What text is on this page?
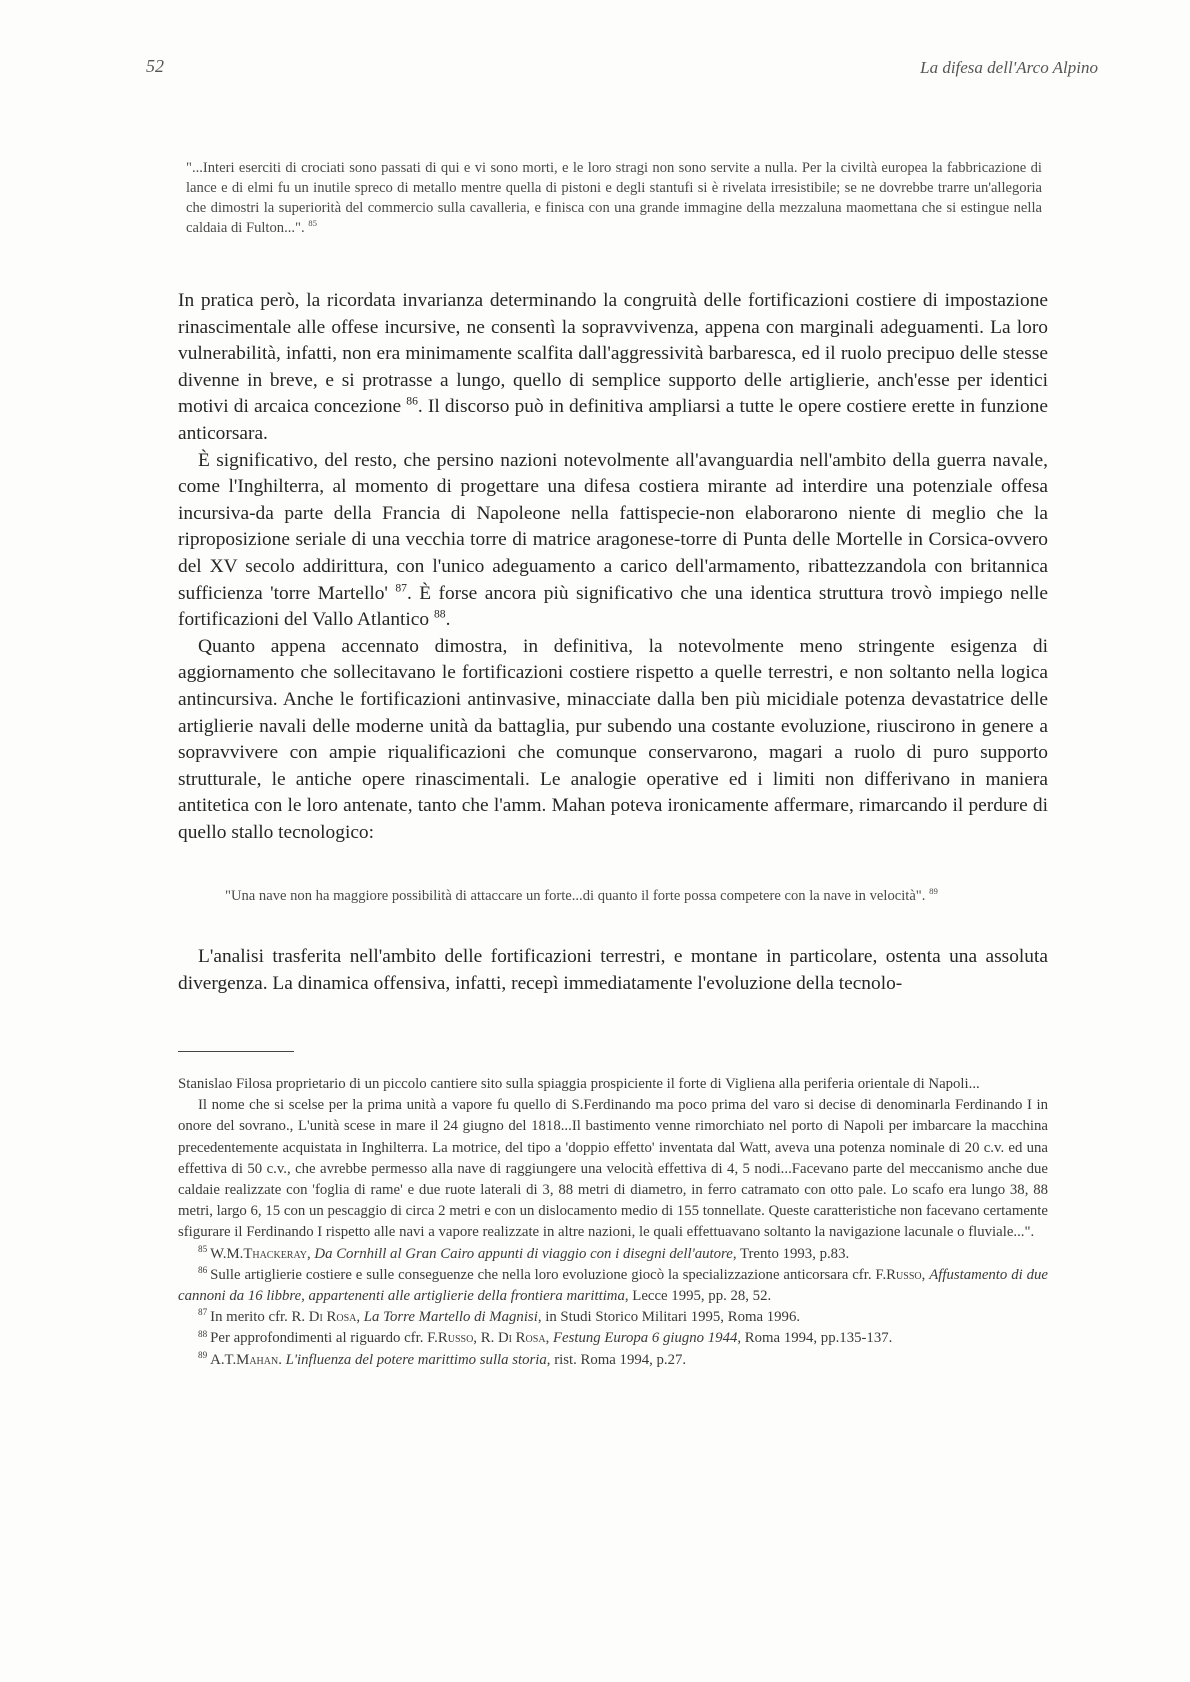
52	La difesa dell'Arco Alpino

"...Interi eserciti di crociati sono passati di qui e vi sono morti, e le loro stragi non sono servite a nulla. Per la civiltà europea la fabbricazione di lance e di elmi fu un inutile spreco di metallo mentre quella di pistoni e degli stantufi si è rivelata irresistibile; se ne dovrebbe trarre un'allegoria che dimostri la superiorità del commercio sulla cavalleria, e finisca con una grande immagine della mezzaluna maomettana che si estingue nella caldaia di Fulton...". $^{85}$

In pratica però, la ricordata invarianza determinando la congruità delle fortificazioni costiere di impostazione rinascimentale alle offese incursive, ne consentì la sopravvivenza, appena con marginali adeguamenti. La loro vulnerabilità, infatti, non era minimamente scalfita dall'aggressività barbaresca, ed il ruolo precipuo delle stesse divenne in breve, e si protrasse a lungo, quello di semplice supporto delle artiglierie, anch'esse per identici motivi di arcaica concezione $^{86}$. Il discorso può in definitiva ampliarsi a tutte le opere costiere erette in funzione anticorsara.

È significativo, del resto, che persino nazioni notevolmente all'avanguardia nell'ambito della guerra navale, come l'Inghilterra, al momento di progettare una difesa costiera mirante ad interdire una potenziale offesa incursiva-da parte della Francia di Napoleone nella fattispecie-non elaborarono niente di meglio che la riproposizione seriale di una vecchia torre di matrice aragonese-torre di Punta delle Mortelle in Corsica-ovvero del XV secolo addirittura, con l'unico adeguamento a carico dell'armamento, ribattezzandola con britannica sufficienza 'torre Martello' $^{87}$. È forse ancora più significativo che una identica struttura trovò impiego nelle fortificazioni del Vallo Atlantico $^{88}$.

Quanto appena accennato dimostra, in definitiva, la notevolmente meno stringente esigenza di aggiornamento che sollecitavano le fortificazioni costiere rispetto a quelle terrestri, e non soltanto nella logica antincursiva. Anche le fortificazioni antinvasive, minacciate dalla ben più micidiale potenza devastatrice delle artiglierie navali delle moderne unità da battaglia, pur subendo una costante evoluzione, riuscirono in genere a sopravvivere con ampie riqualificazioni che comunque conservarono, magari a ruolo di puro supporto strutturale, le antiche opere rinascimentali. Le analogie operative ed i limiti non differivano in maniera antitetica con le loro antenate, tanto che l'amm. Mahan poteva ironicamente affermare, rimarcando il perdure di quello stallo tecnologico:

"Una nave non ha maggiore possibilità di attaccare un forte...di quanto il forte possa competere con la nave in velocità". $^{89}$

L'analisi trasferita nell'ambito delle fortificazioni terrestri, e montane in particolare, ostenta una assoluta divergenza. La dinamica offensiva, infatti, recepì immediatamente l'evoluzione della tecnolo-

Stanislao Filosa proprietario di un piccolo cantiere sito sulla spiaggia prospiciente il forte di Vigliena alla periferia orientale di Napoli...

Il nome che si scelse per la prima unità a vapore fu quello di S.Ferdinando ma poco prima del varo si decise di denominarla Ferdinando I in onore del sovrano., L'unità scese in mare il 24 giugno del 1818...Il bastimento venne rimorchiato nel porto di Napoli per imbarcare la macchina precedentemente acquistata in Inghilterra. La motrice, del tipo a 'doppio effetto' inventata dal Watt, aveva una potenza nominale di 20 c.v. ed una effettiva di 50 c.v., che avrebbe permesso alla nave di raggiungere una velocità effettiva di 4, 5 nodi...Facevano parte del meccanismo anche due caldaie realizzate con 'foglia di rame' e due ruote laterali di 3, 88 metri di diametro, in ferro catramato con otto pale. Lo scafo era lungo 38, 88 metri, largo 6, 15 con un pescaggio di circa 2 metri e con un dislocamento medio di 155 tonnellate. Queste caratteristiche non facevano certamente sfigurare il Ferdinando I rispetto alle navi a vapore realizzate in altre nazioni, le quali effettuavano soltanto la navigazione lacunale o fluviale...".

$^{85}$ W.M.Thackeray, Da Cornhill al Gran Cairo appunti di viaggio con i disegni dell'autore, Trento 1993, p.83.

$^{86}$ Sulle artiglierie costiere e sulle conseguenze che nella loro evoluzione giocò la specializzazione anticorsara cfr. F.Russo, Affustamento di due cannoni da 16 libbre, appartenenti alle artiglierie della frontiera marittima, Lecce 1995, pp. 28, 52.

$^{87}$ In merito cfr. R. Di Rosa, La Torre Martello di Magnisi, in Studi Storico Militari 1995, Roma 1996.

$^{88}$ Per approfondimenti al riguardo cfr. F.Russo, R. Di Rosa, Festung Europa 6 giugno 1944, Roma 1994, pp.135-137.

$^{89}$ A.T.Mahan. L'influenza del potere marittimo sulla storia, rist. Roma 1994, p.27.
